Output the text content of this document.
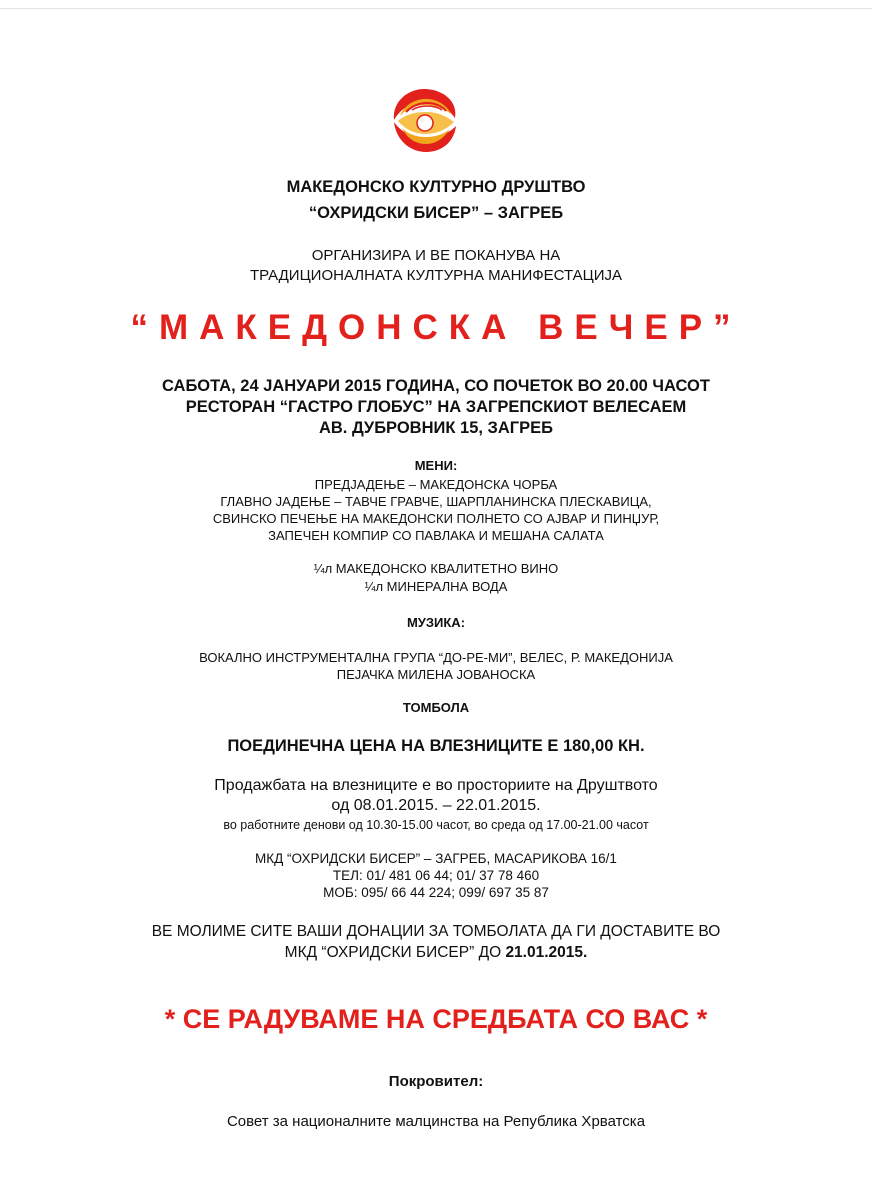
МАКЕДОНСКО КУЛТУРНО ДРУШТВО
“ОХРИДСКИ БИСЕР” – ЗАГРЕБ
ОРГАНИЗИРА И ВЕ ПОКАНУВА НА
ТРАДИЦИОНАЛНАТА КУЛТУРНА МАНИФЕСТАЦИЈА
“МАКЕДОНСКА ВЕЧЕР”
САБОТА, 24 ЈАНУАРИ 2015 ГОДИНА, СО ПОЧЕТОК ВО 20.00 ЧАСОТ
РЕСТОРАН “ГАСТРО ГЛОБУС” НА ЗАГРЕПСКИОТ ВЕЛЕСАЕМ
АВ. ДУБРОВНИК 15, ЗАГРЕБ
МЕНИ:
ПРЕДЈАДЕЊЕ – МАКЕДОНСКА ЧОРБА
ГЛАВНО ЈАДЕЊЕ – ТАВЧЕ ГРАВЧЕ, ШАРПЛАНИНСКА ПЛЕСКАВИЦА,
СВИНСКО ПЕЧЕЊЕ НА МАКЕДОНСКИ ПОЛНЕТО СО АЈВАР И ПИНЏУР,
ЗАПЕЧЕН КОМПИР СО ПАВЛАКА И МЕШАНА САЛАТА
¼л МАКЕДОНСКО КВАЛИТЕТНО ВИНО
¼л МИНЕРАЛНА ВОДА
МУЗИКА:
ВОКАЛНО ИНСТРУМЕНТАЛНА ГРУПА “ДО-РЕ-МИ”, ВЕЛЕС, Р. МАКЕДОНИЈА
ПЕЈАЧКА МИЛЕНА ЈОВАНОСКА
ТОМБОЛА
ПОЕДИНЕЧНА ЦЕНА НА ВЛЕЗНИЦИТЕ Е 180,00 КН.
Продажбата на влезниците е во просториите на Друштвото
од 08.01.2015. – 22.01.2015.
во работните денови од 10.30-15.00 часот, во среда од 17.00-21.00 часот
МКД “ОХРИДСКИ БИСЕР” – ЗАГРЕБ, МАСАРИКОВА 16/1
ТЕЛ: 01/ 481 06 44; 01/ 37 78 460
МОБ: 095/ 66 44 224; 099/ 697 35 87
ВЕ МОЛИМЕ СИТЕ ВАШИ ДОНАЦИИ ЗА ТОМБОЛАТА ДА ГИ ДОСТАВИТЕ ВО
МКД “ОХРИДСКИ БИСЕР” ДО 21.01.2015.
* СЕ РАДУВАМЕ НА СРЕДБАТА СО ВАС *
Покровител:
Совет за националните малцинства на Република Хрватска
